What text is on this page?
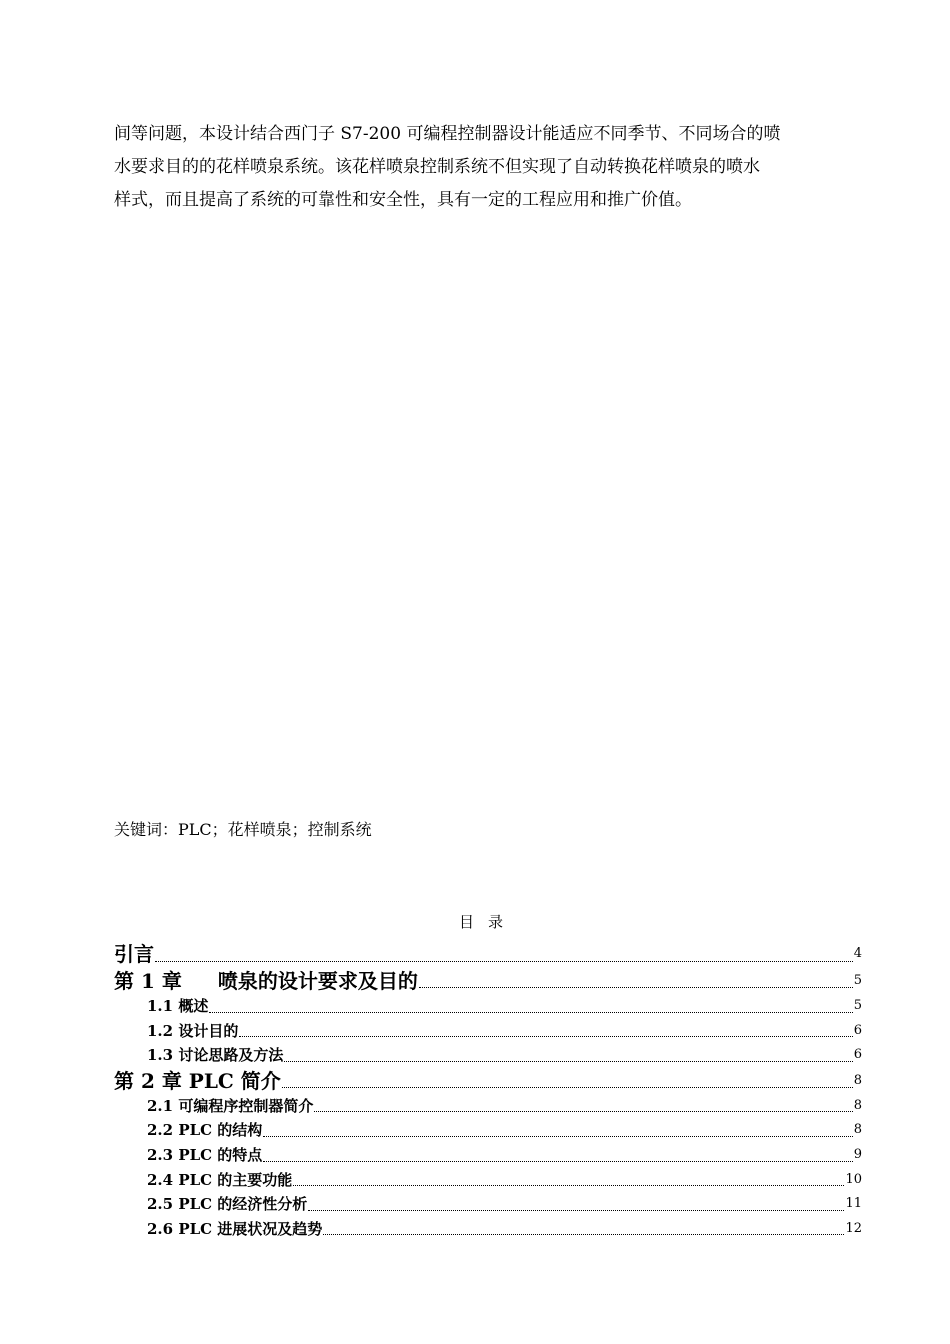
间等问题，本设计结合西门子 S7-200 可编程控制器设计能适应不同季节、不同场合的喷

水要求目的的花样喷泉系统。该花样喷泉控制系统不但实现了自动转换花样喷泉的喷水

样式，而且提高了系统的可靠性和安全性，具有一定的工程应用和推广价值。

关键词：PLC；花样喷泉；控制系统
目录
引言	4
第 1 章 喷泉的设计要求及目的	5
1.1 概述	5
1.2 设计目的	6
1.3 讨论思路及方法	6
第 2 章 PLC 简介	8
2.1 可编程序控制器简介	8
2.2 PLC 的结构	8
2.3 PLC 的特点	9
2.4 PLC 的主要功能	10
2.5 PLC 的经济性分析	11
2.6 PLC 进展状况及趋势	12
